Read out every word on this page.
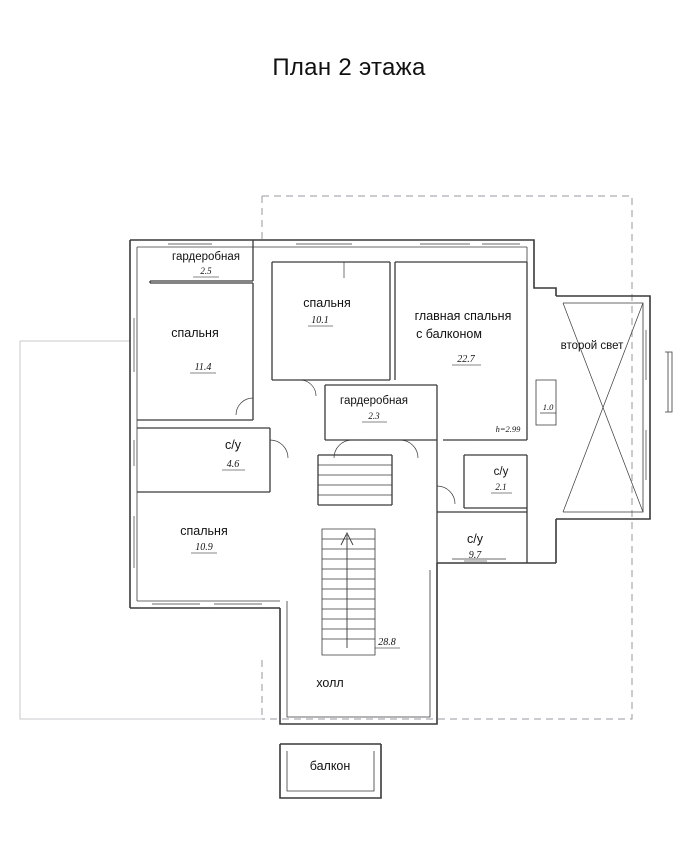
План 2 этажа
гардеробная
2.5
спальня
11.4
спальня
10.1	главная спальня
с балконом
22.7
второй свет
гардеробная
2.3
с/у
4.6
спальня
10.9
с/у
2.1
с/у
9.7
холл
28.8
балкон
1.0
h=2.99
